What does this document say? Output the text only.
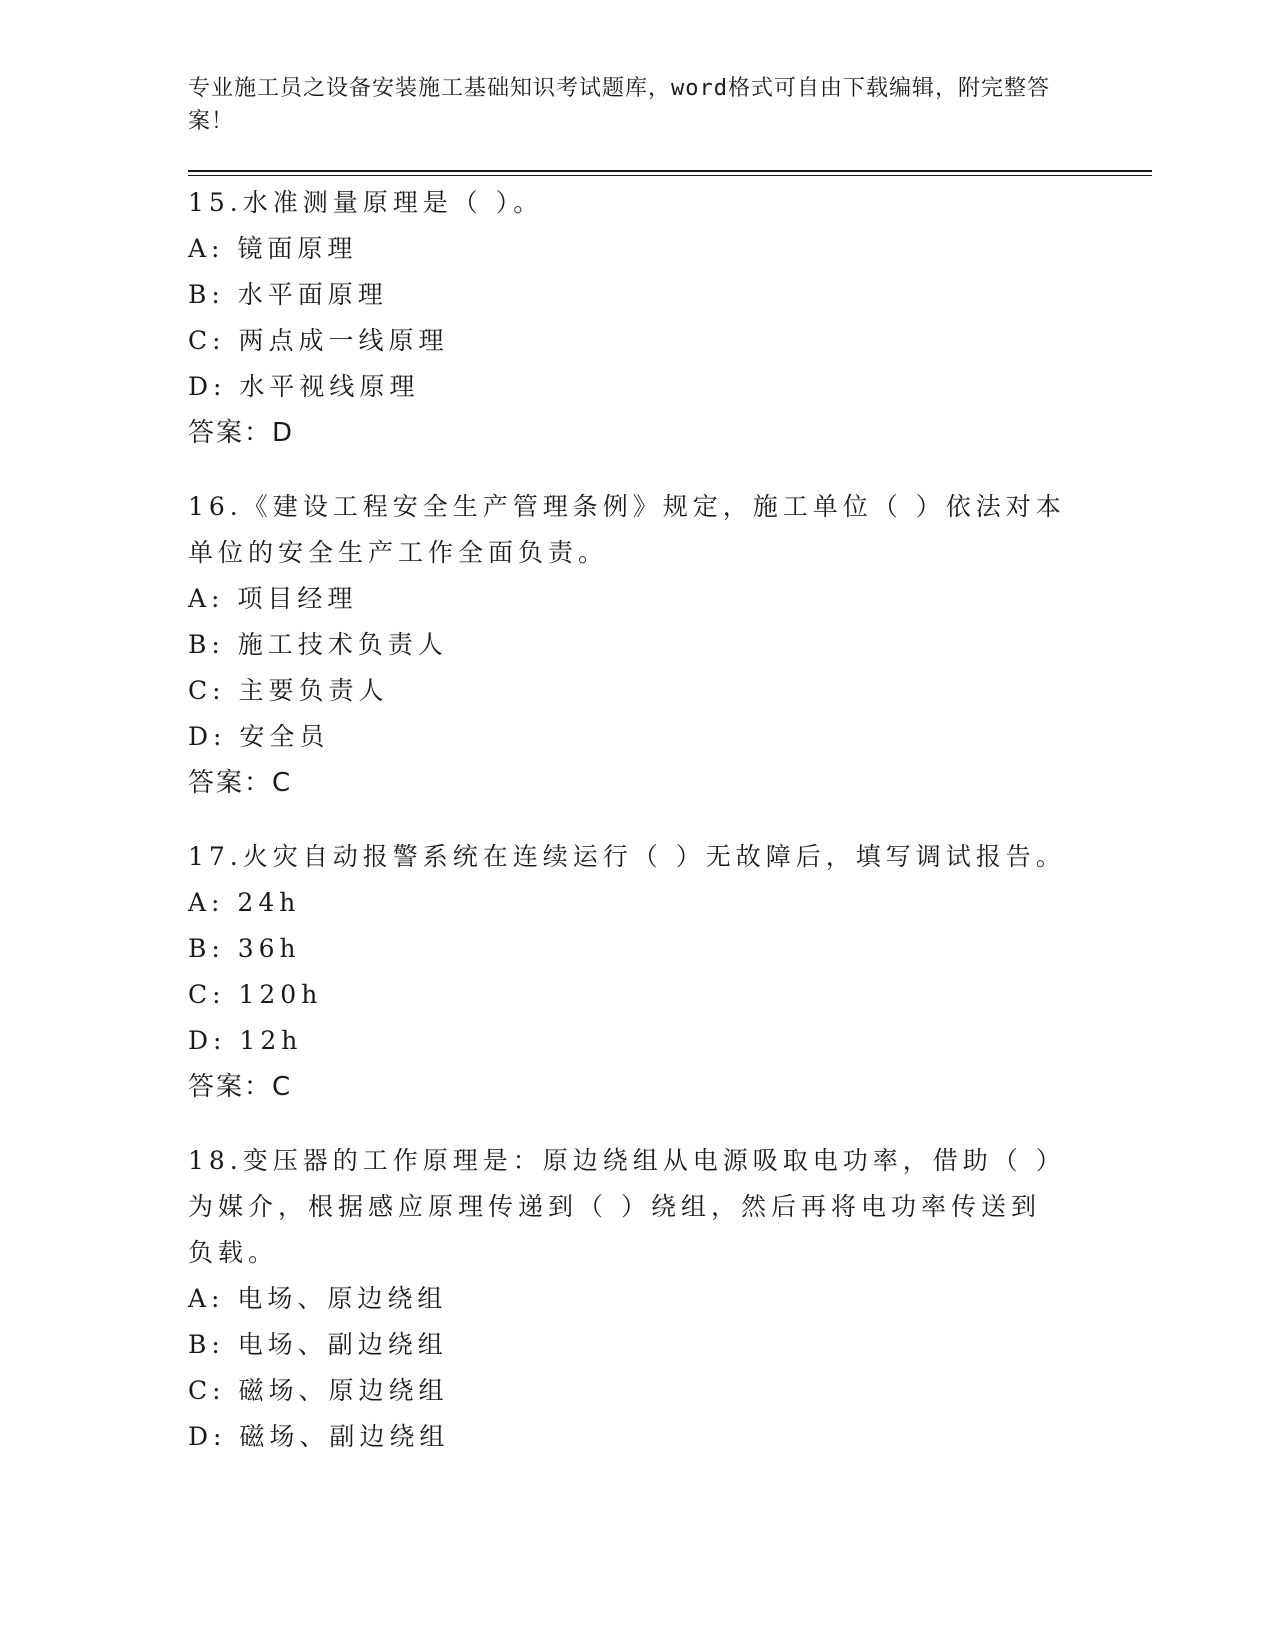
专业施工员之设备安装施工基础知识考试题库，word格式可自由下载编辑，附完整答案！
15.水准测量原理是（ ）。
A: 镜面原理
B: 水平面原理
C: 两点成一线原理
D: 水平视线原理
答案：D
16.《建设工程安全生产管理条例》规定，施工单位（ ）依法对本单位的安全生产工作全面负责。
A: 项目经理
B: 施工技术负责人
C: 主要负责人
D: 安全员
答案：C
17.火灾自动报警系统在连续运行（ ）无故障后，填写调试报告。
A: 24h
B: 36h
C: 120h
D: 12h
答案：C
18.变压器的工作原理是：原边绕组从电源吸取电功率，借助（ ）为媒介，根据感应原理传递到（ ）绕组，然后再将电功率传送到负载。
A: 电场、原边绕组
B: 电场、副边绕组
C: 磁场、原边绕组
D: 磁场、副边绕组
